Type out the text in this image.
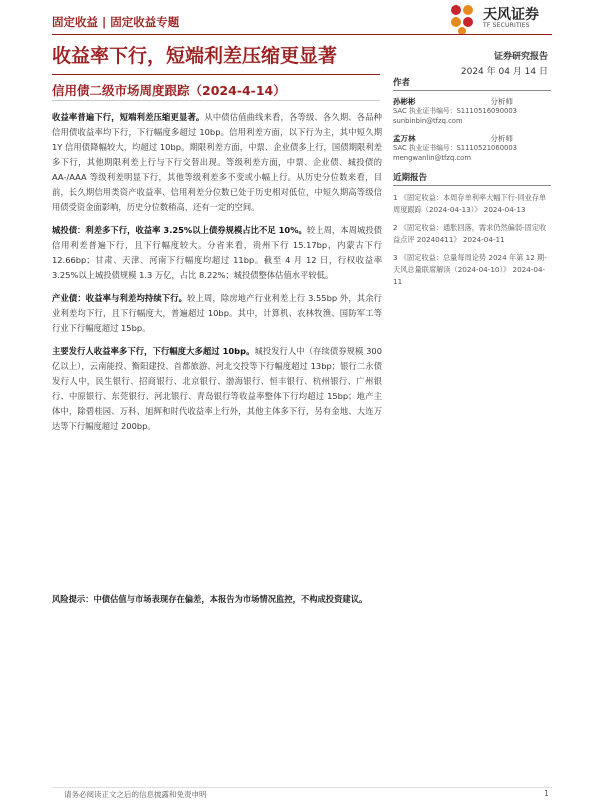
固定收益 | 固定收益专题	天风证券
TF SECURITIES
收益率下行，短端利差压缩更显著	证券研究报告
2024 年 04 月 14 日
信用债二级市场周度跟踪（2024-4-14）

收益率普遍下行，短端利差压缩更显著。从中债估值曲线来看，各等级、各久期、各品种信用债收益率均下行，下行幅度多超过 10bp。信用利差方面，以下行为主，其中短久期 1Y 信用债降幅较大，均超过 10bp。期限利差方面，中票、企业债多上行，国债期限利差多下行，其他期限利差上行与下行交替出现。等级利差方面，中票、企业债、城投债的 AA-/AAA 等级利差明显下行，其他等级利差多不变或小幅上行。从历史分位数来看，目前，长久期信用类资产收益率、信用利差分位数已处于历史相对低位，中短久期高等级信用债受资金面影响，历史分位数稍高，还有一定的空间。

城投债：利差多下行，收益率 3.25%以上债券规模占比不足 10%。较上周，本周城投债信用利差普遍下行，且下行幅度较大。分省来看，贵州下行 15.17bp，内蒙古下行 12.66bp；甘肃、天津、河南下行幅度均超过 11bp。截至 4 月 12 日，行权收益率 3.25%以上城投债规模 1.3 万亿，占比 8.22%；城投债整体估值水平较低。

产业债：收益率与利差均持续下行。较上周，除房地产行业利差上行 3.55bp 外，其余行业利差均下行，且下行幅度大，普遍超过 10bp。其中，计算机、农林牧渔、国防军工等行业下行幅度超过 15bp。

主要发行人收益率多下行，下行幅度大多超过 10bp。城投发行人中（存续债券规模 300 亿以上），云南能投、衡阳建投、首都旅游、河北交投等下行幅度超过 13bp；银行二永债发行人中，民生银行、招商银行、北京银行、渤海银行、恒丰银行、杭州银行、广州银行、中原银行、东莞银行、河北银行、青岛银行等收益率整体下行均超过 15bp；地产主体中，除碧桂园、万科、旭辉和时代收益率上行外，其他主体多下行，另有金地、大连万达等下行幅度超过 200bp。

风险提示：中债估值与市场表现存在偏差，本报告为市场情况监控，不构成投资建议。
作者
孙彬彬	分析师
SAC 执业证书编号：S1110516090003
sunbinbin@tfzq.com
孟万林	分析师
SAC 执业证书编号：S1110521060003
mengwanlin@tfzq.com
近期报告
1 《固定收益：本周存单利率大幅下行-同业存单周度跟踪（2024-04-13）》 2024-04-13
2 《固定收益：通胀回落，需求仍然偏弱-固定收益点评 20240411》 2024-04-11
3 《固定收益：总量每周论势 2024 年第 12 期-天风总量联席解读（2024-04-10）》 2024-04-11
请务必阅读正文之后的信息披露和免责申明	1
